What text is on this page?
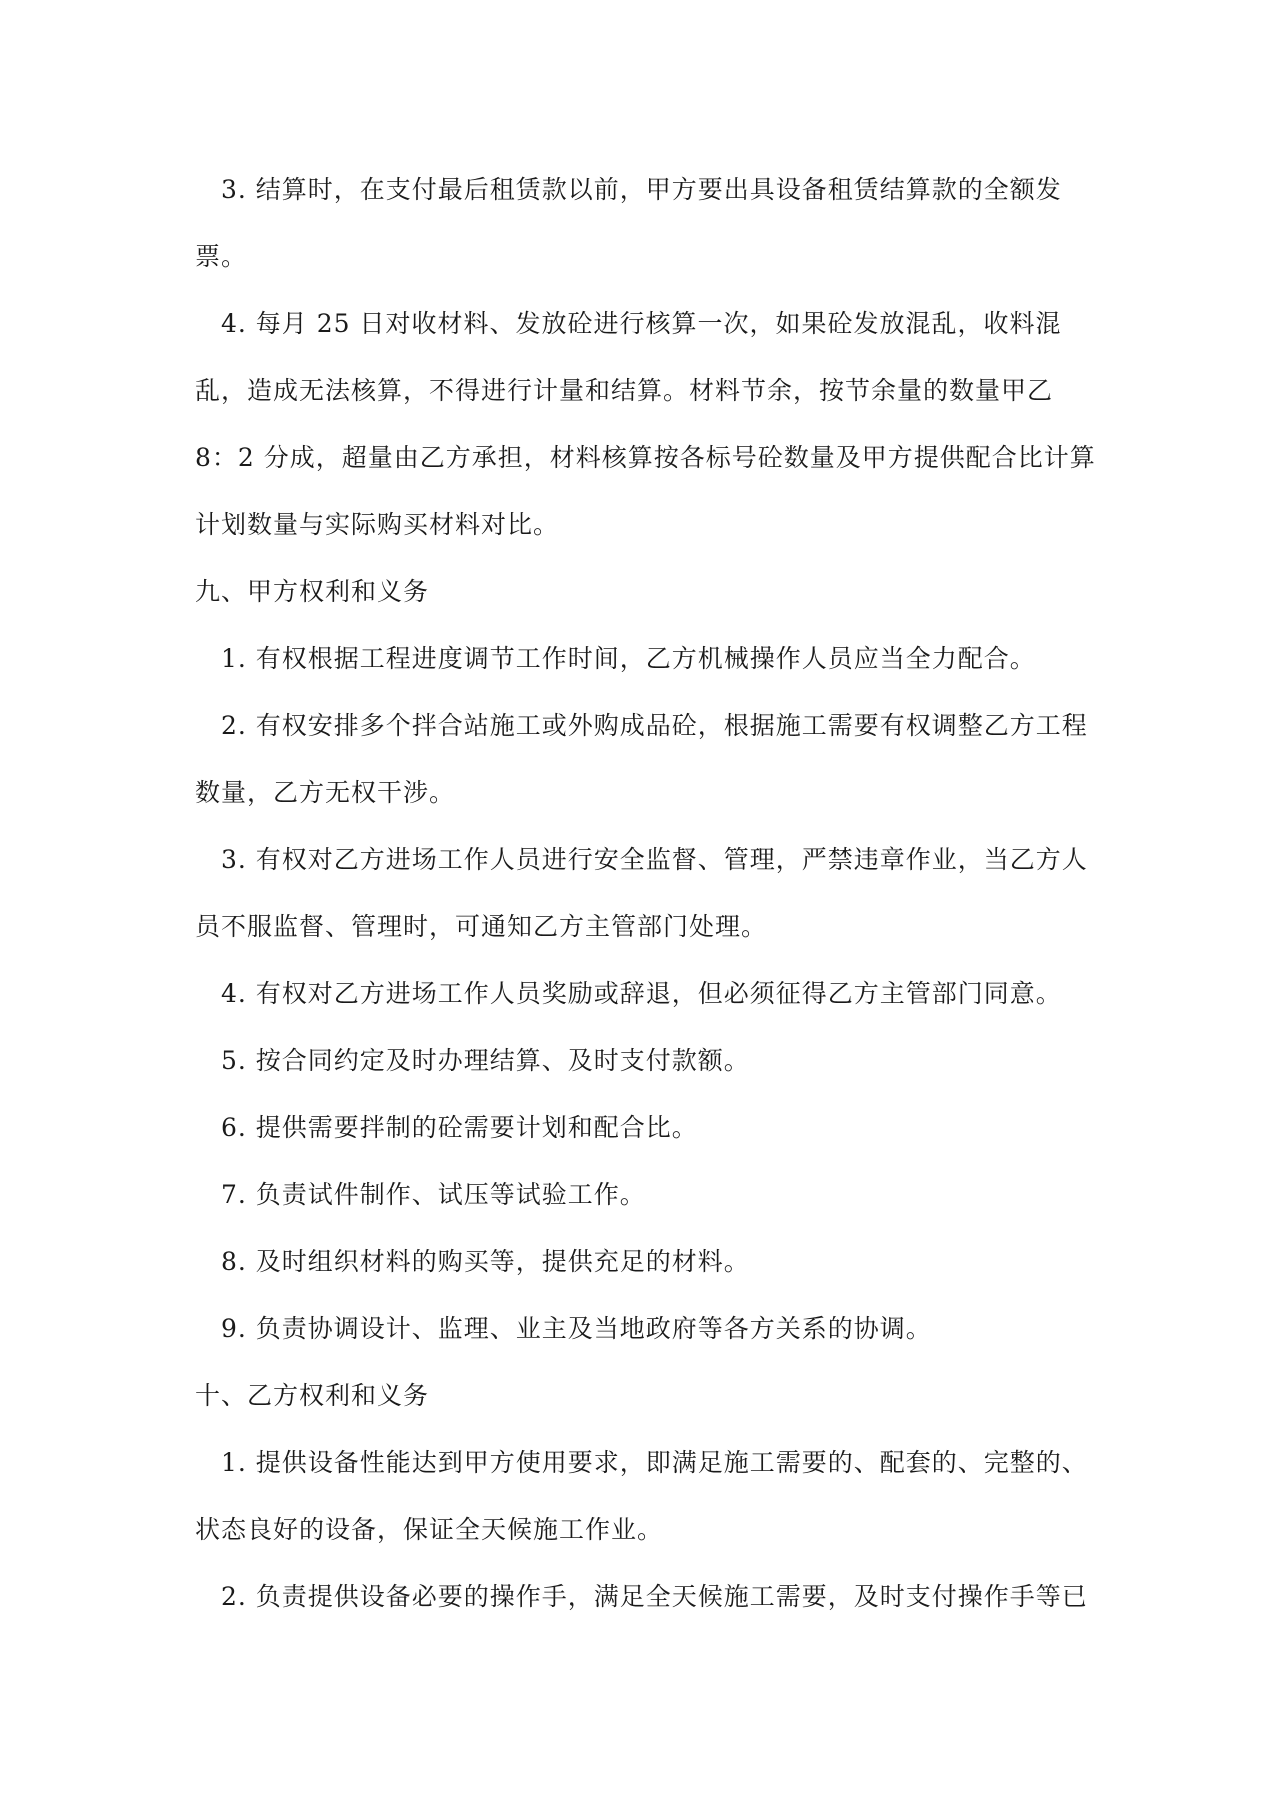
3. 结算时，在支付最后租赁款以前，甲方要出具设备租赁结算款的全额发
票。
4. 每月 25 日对收材料、发放砼进行核算一次，如果砼发放混乱，收料混
乱，造成无法核算，不得进行计量和结算。材料节余，按节余量的数量甲乙
8：2 分成，超量由乙方承担，材料核算按各标号砼数量及甲方提供配合比计算
计划数量与实际购买材料对比。
九、甲方权利和义务
1. 有权根据工程进度调节工作时间，乙方机械操作人员应当全力配合。
2. 有权安排多个拌合站施工或外购成品砼，根据施工需要有权调整乙方工程
数量，乙方无权干涉。
3. 有权对乙方进场工作人员进行安全监督、管理，严禁违章作业，当乙方人
员不服监督、管理时，可通知乙方主管部门处理。
4. 有权对乙方进场工作人员奖励或辞退，但必须征得乙方主管部门同意。
5. 按合同约定及时办理结算、及时支付款额。
6. 提供需要拌制的砼需要计划和配合比。
7. 负责试件制作、试压等试验工作。
8. 及时组织材料的购买等，提供充足的材料。
9. 负责协调设计、监理、业主及当地政府等各方关系的协调。
十、乙方权利和义务
1. 提供设备性能达到甲方使用要求，即满足施工需要的、配套的、完整的、
状态良好的设备，保证全天候施工作业。
2. 负责提供设备必要的操作手，满足全天候施工需要，及时支付操作手等已
